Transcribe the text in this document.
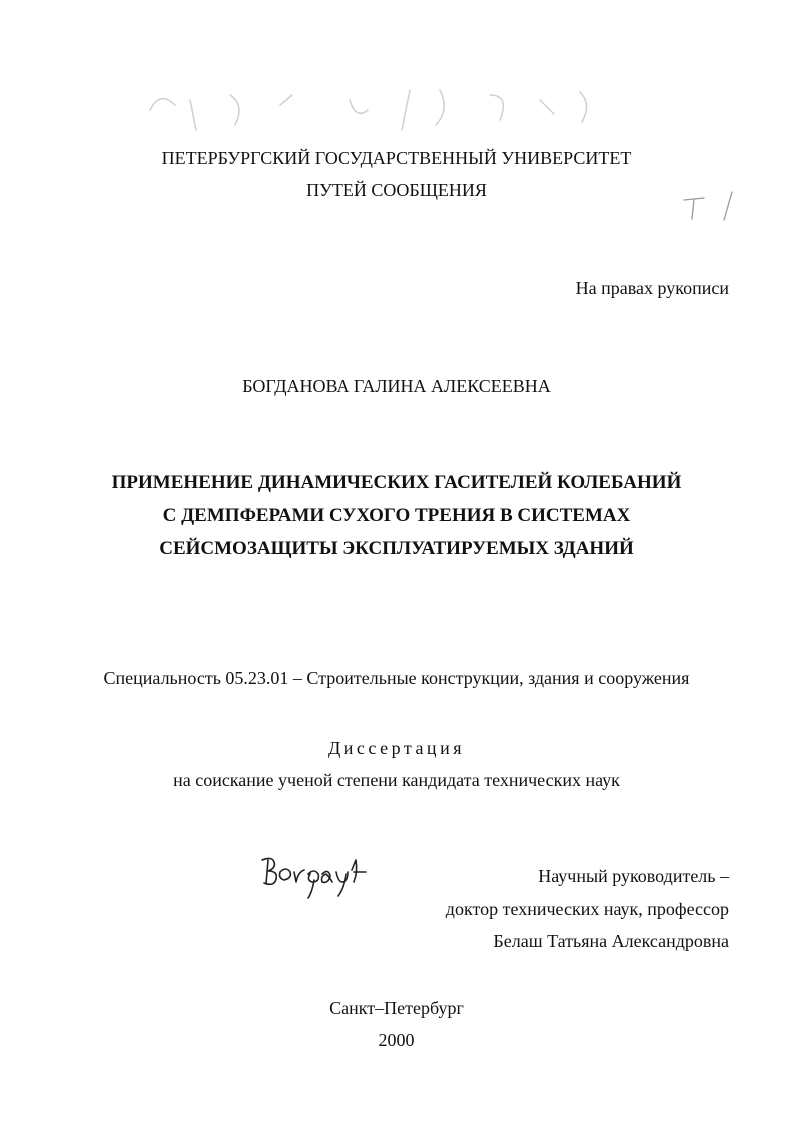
ПЕТЕРБУРГСКИЙ ГОСУДАРСТВЕННЫЙ УНИВЕРСИТЕТ
ПУТЕЙ СООБЩЕНИЯ
На правах рукописи
БОГДАНОВА ГАЛИНА АЛЕКСЕЕВНА
ПРИМЕНЕНИЕ ДИНАМИЧЕСКИХ ГАСИТЕЛЕЙ КОЛЕБАНИЙ
С ДЕМПФЕРАМИ СУХОГО ТРЕНИЯ В СИСТЕМАХ
СЕЙСМОЗАЩИТЫ ЭКСПЛУАТИРУЕМЫХ ЗДАНИЙ
Специальность 05.23.01 – Строительные конструкции, здания и сооружения
Диссертация
на соискание ученой степени кандидата технических наук
Научный руководитель –
доктор технических наук, профессор
Белаш Татьяна Александровна
Санкт–Петербург
2000
